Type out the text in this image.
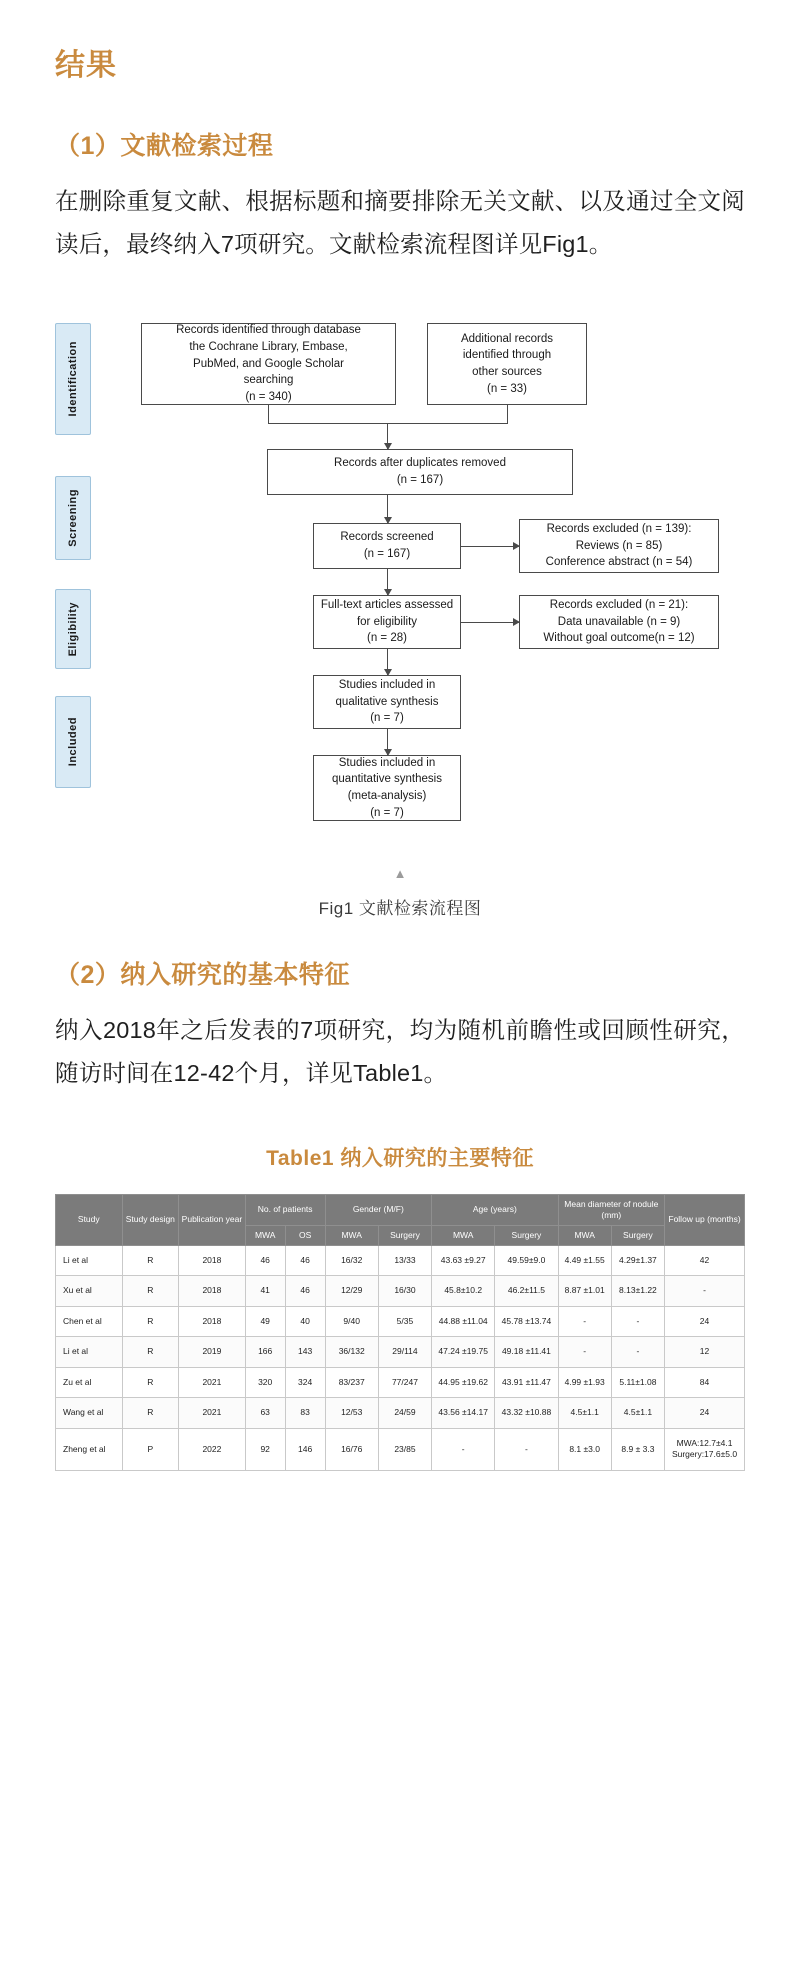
结果
（1）文献检索过程

在删除重复文献、根据标题和摘要排除无关文献、以及通过全文阅读后，最终纳入7项研究。文献检索流程图详见Fig1。

Identification
Screening
Eligibility
Included
Records identified through database
the Cochrane Library, Embase,
PubMed, and Google Scholar
searching
(n = 340)
Additional records
identified through
other sources
(n = 33)
Records after duplicates removed
(n = 167)
Records screened
(n = 167)
Records excluded (n = 139):
Reviews (n = 85)
Conference abstract (n = 54)
Full-text articles assessed
for eligibility
(n = 28)
Records excluded (n = 21):
Data unavailable (n = 9)
Without goal outcome(n = 12)
Studies included in
qualitative synthesis
(n = 7)
Studies included in
quantitative synthesis
(meta-analysis)
(n = 7)
▲
Fig1 文献检索流程图
（2）纳入研究的基本特征

纳入2018年之后发表的7项研究，均为随机前瞻性或回顾性研究，随访时间在12-42个月，详见Table1。

Table1 纳入研究的主要特征
Study	Study design	Publication year	No. of patients		Gender (M/F)		Age (years)		Mean diameter of nodule (mm)		Follow up (months)
			MWA	OS	MWA	Surgery	MWA	Surgery	MWA	Surgery	
Li et al	R	2018	46	46	16/32	13/33	43.63 ±9.27	49.59±9.0	4.49 ±1.55	4.29±1.37	42
Xu et al	R	2018	41	46	12/29	16/30	45.8±10.2	46.2±11.5	8.87 ±1.01	8.13±1.22	-
Chen et al	R	2018	49	40	9/40	5/35	44.88 ±11.04	45.78 ±13.74	-	-	24
Li et al	R	2019	166	143	36/132	29/114	47.24 ±19.75	49.18 ±11.41	-	-	12
Zu et al	R	2021	320	324	83/237	77/247	44.95 ±19.62	43.91 ±11.47	4.99 ±1.93	5.11±1.08	84
Wang et al	R	2021	63	83	12/53	24/59	43.56 ±14.17	43.32 ±10.88	4.5±1.1	4.5±1.1	24
Zheng et al	P	2022	92	146	16/76	23/85	-	-	8.1 ±3.0	8.9 ± 3.3	MWA:12.7±4.1 Surgery:17.6±5.0
